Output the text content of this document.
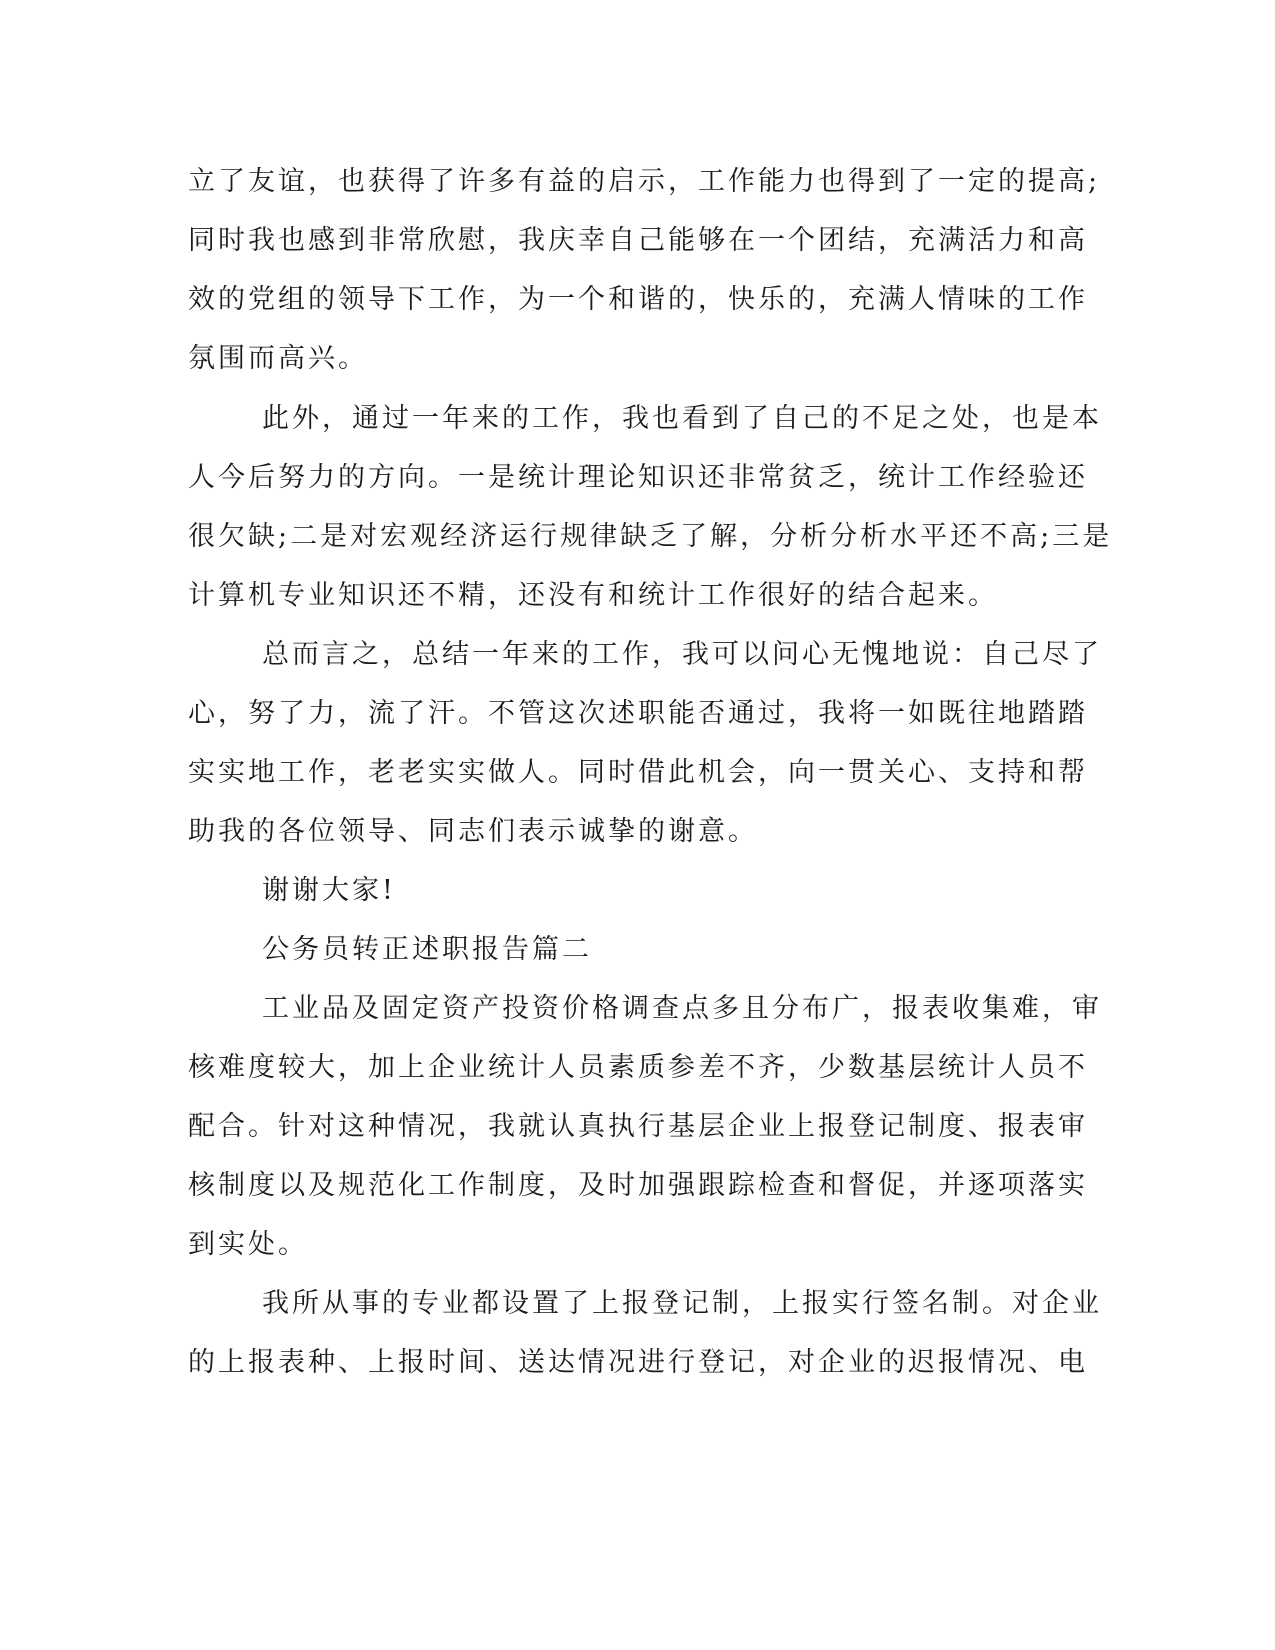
立了友谊，也获得了许多有益的启示，工作能力也得到了一定的提高;
同时我也感到非常欣慰，我庆幸自己能够在一个团结，充满活力和高
效的党组的领导下工作，为一个和谐的，快乐的，充满人情味的工作
氛围而高兴。
此外，通过一年来的工作，我也看到了自己的不足之处，也是本
人今后努力的方向。一是统计理论知识还非常贫乏，统计工作经验还
很欠缺;二是对宏观经济运行规律缺乏了解，分析分析水平还不高;三是
计算机专业知识还不精，还没有和统计工作很好的结合起来。
总而言之，总结一年来的工作，我可以问心无愧地说：自己尽了
心，努了力，流了汗。不管这次述职能否通过，我将一如既往地踏踏
实实地工作，老老实实做人。同时借此机会，向一贯关心、支持和帮
助我的各位领导、同志们表示诚挚的谢意。
谢谢大家!
公务员转正述职报告篇二
工业品及固定资产投资价格调查点多且分布广，报表收集难，审
核难度较大，加上企业统计人员素质参差不齐，少数基层统计人员不
配合。针对这种情况，我就认真执行基层企业上报登记制度、报表审
核制度以及规范化工作制度，及时加强跟踪检查和督促，并逐项落实
到实处。
我所从事的专业都设置了上报登记制，上报实行签名制。对企业
的上报表种、上报时间、送达情况进行登记，对企业的迟报情况、电
